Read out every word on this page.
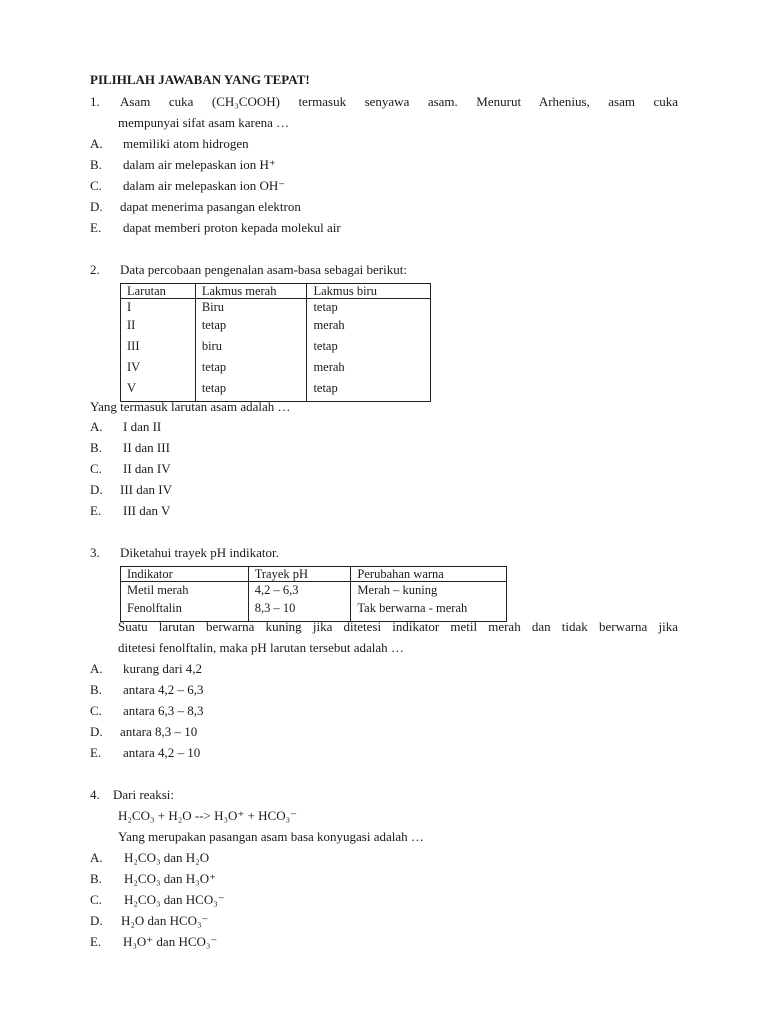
PILIHLAH JAWABAN YANG TEPAT!
1. Asam cuka (CH₃COOH) termasuk senyawa asam. Menurut Arhenius, asam cuka
mempunyai sifat asam karena …
A. memiliki atom hidrogen
B. dalam air melepaskan ion H⁺
C. dalam air melepaskan ion OH⁻
D. dapat menerima pasangan elektron
E. dapat memberi proton kepada molekul air
2. Data percobaan pengenalan asam-basa sebagai berikut:
Larutan	Lakmus merah	Lakmus biru
I	Biru	tetap
II	tetap	merah
III	biru	tetap
IV	tetap	merah
V	tetap	tetap
Yang termasuk larutan asam adalah …
A. I dan II
B. II dan III
C. II dan IV
D. III dan IV
E. III dan V
3. Diketahui trayek pH indikator.
Indikator	Trayek pH	Perubahan warna
Metil merah	4,2 – 6,3	Merah – kuning
Fenolftalin	8,3 – 10	Tak berwarna - merah
Suatu larutan berwarna kuning jika ditetesi indikator metil merah dan tidak berwarna jika
ditetesi fenolftalin, maka pH larutan tersebut adalah …
A. kurang dari 4,2
B. antara 4,2 – 6,3
C. antara 6,3 – 8,3
D. antara 8,3 – 10
E. antara 4,2 – 10
4. Dari reaksi:
H₂CO₃ + H₂O --> H₃O⁺ + HCO₃⁻
Yang merupakan pasangan asam basa konyugasi adalah …
A. H₂CO₃ dan H₂O
B. H₂CO₃ dan H₃O⁺
C. H₂CO₃ dan HCO₃⁻
D. H₂O dan HCO₃⁻
E. H₃O⁺ dan HCO₃⁻
